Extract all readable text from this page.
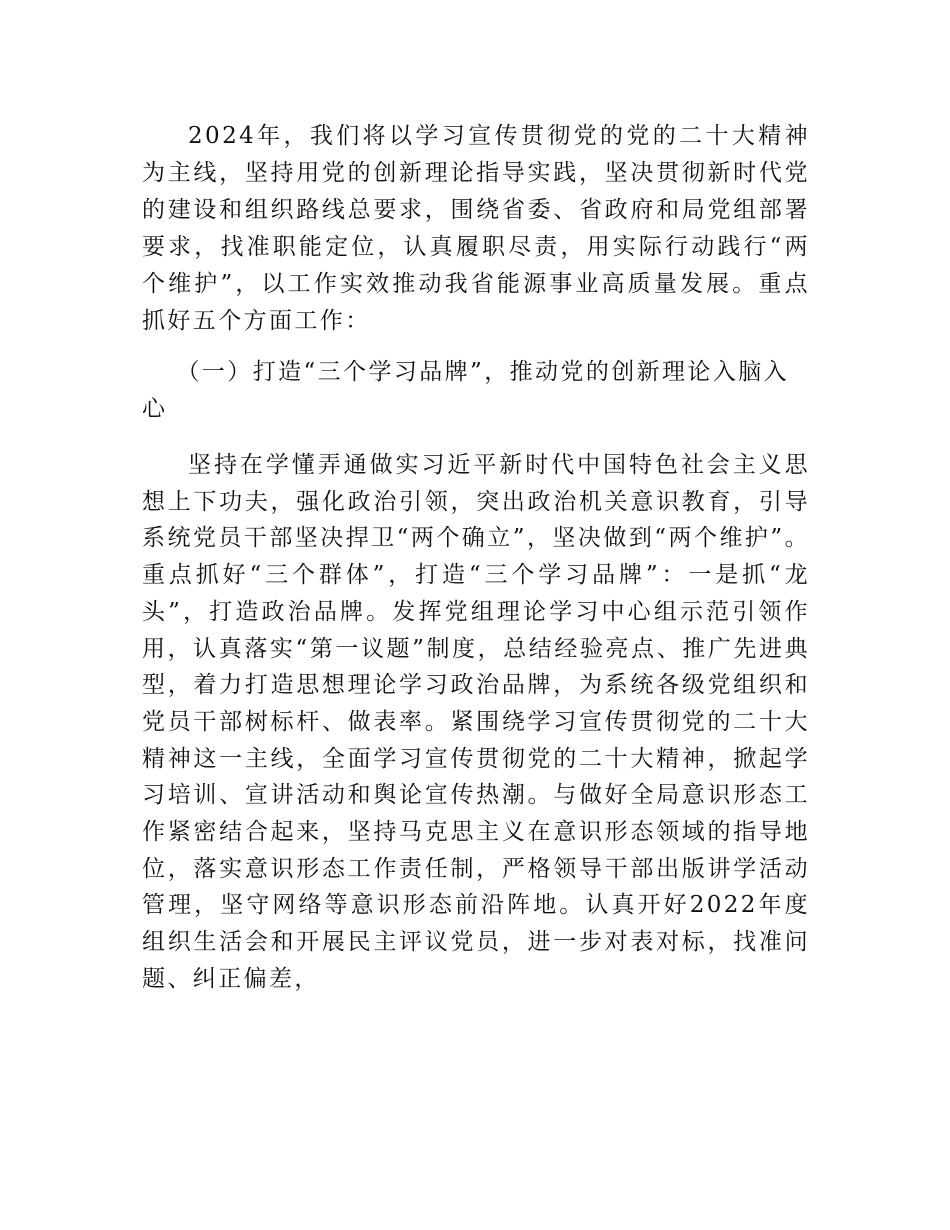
2024年，我们将以学习宣传贯彻党的党的二十大精神为主线，坚持用党的创新理论指导实践，坚决贯彻新时代党的建设和组织路线总要求，围绕省委、省政府和局党组部署要求，找准职能定位，认真履职尽责，用实际行动践行“两个维护”，以工作实效推动我省能源事业高质量发展。重点抓好五个方面工作：

（一）打造“三个学习品牌”，推动党的创新理论入脑入心

坚持在学懂弄通做实习近平新时代中国特色社会主义思想上下功夫，强化政治引领，突出政治机关意识教育，引导系统党员干部坚决捍卫“两个确立”，坚决做到“两个维护”。重点抓好“三个群体”，打造“三个学习品牌”：一是抓“龙头”，打造政治品牌。发挥党组理论学习中心组示范引领作用，认真落实“第一议题”制度，总结经验亮点、推广先进典型，着力打造思想理论学习政治品牌，为系统各级党组织和党员干部树标杆、做表率。紧围绕学习宣传贯彻党的二十大精神这一主线，全面学习宣传贯彻党的二十大精神，掀起学习培训、宣讲活动和舆论宣传热潮。与做好全局意识形态工作紧密结合起来，坚持马克思主义在意识形态领域的指导地位，落实意识形态工作责任制，严格领导干部出版讲学活动管理，坚守网络等意识形态前沿阵地。认真开好2022年度组织生活会和开展民主评议党员，进一步对表对标，找准问题、纠正偏差，
